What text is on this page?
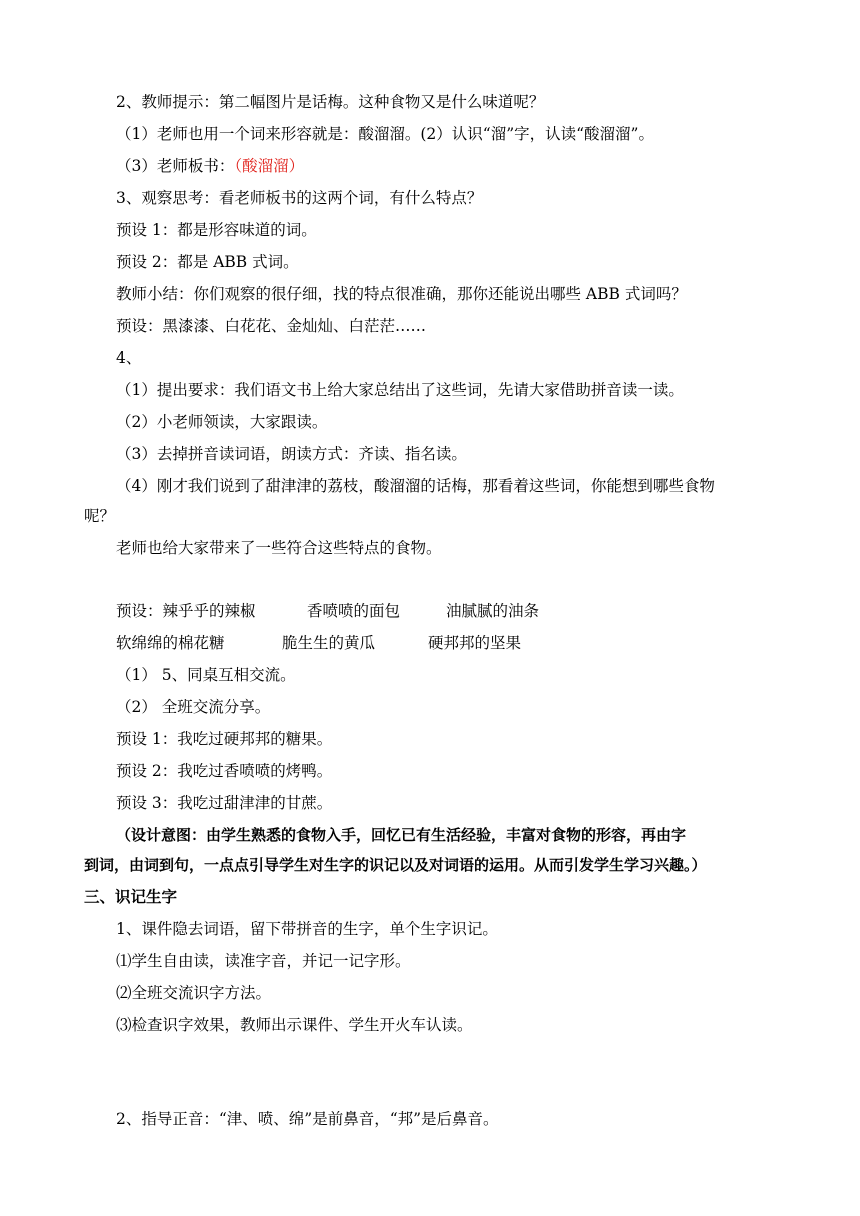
2、教师提示：第二幅图片是话梅。这种食物又是什么味道呢？
（1）老师也用一个词来形容就是：酸溜溜。(2）认识“溜”字，认读“酸溜溜”。
（3）老师板书：（酸溜溜）
3、观察思考：看老师板书的这两个词，有什么特点？
预设 1：都是形容味道的词。
预设 2：都是 ABB 式词。
教师小结：你们观察的很仔细，找的特点很准确，那你还能说出哪些 ABB 式词吗？
预设：黑漆漆、白花花、金灿灿、白茫茫……
4、
（1）提出要求：我们语文书上给大家总结出了这些词，先请大家借助拼音读一读。
（2）小老师领读，大家跟读。
（3）去掉拼音读词语，朗读方式：齐读、指名读。
（4）刚才我们说到了甜津津的荔枝，酸溜溜的话梅，那看着这些词，你能想到哪些食物
呢？
老师也给大家带来了一些符合这些特点的食物。
预设：辣乎乎的辣椒	香喷喷的面包	油腻腻的油条
软绵绵的棉花糖	脆生生的黄瓜	硬邦邦的坚果
（1） 5、同桌互相交流。
（2） 全班交流分享。
预设 1：我吃过硬邦邦的糖果。
预设 2：我吃过香喷喷的烤鸭。
预设 3：我吃过甜津津的甘蔗。
（设计意图：由学生熟悉的食物入手，回忆已有生活经验，丰富对食物的形容，再由字
到词，由词到句，一点点引导学生对生字的识记以及对词语的运用。从而引发学生学习兴趣。）
三、识记生字
1、课件隐去词语，留下带拼音的生字，单个生字识记。
⑴学生自由读，读准字音，并记一记字形。
⑵全班交流识字方法。
⑶检查识字效果，教师出示课件、学生开火车认读。
2、指导正音：“津、喷、绵”是前鼻音，“邦”是后鼻音。
